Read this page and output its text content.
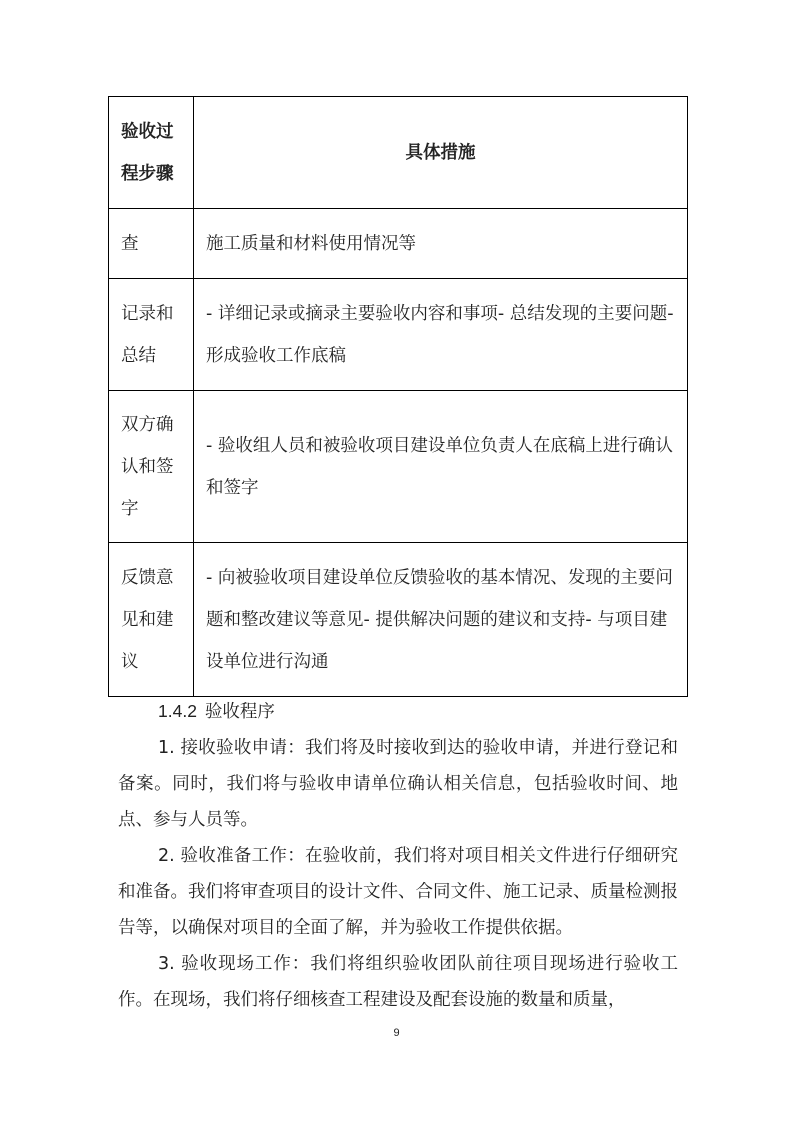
验收过程步骤	具体措施
查	施工质量和材料使用情况等
记录和总结	- 详细记录或摘录主要验收内容和事项- 总结发现的主要问题- 形成验收工作底稿
双方确认和签字	- 验收组人员和被验收项目建设单位负责人在底稿上进行确认和签字
反馈意见和建议	- 向被验收项目建设单位反馈验收的基本情况、发现的主要问题和整改建议等意见- 提供解决问题的建议和支持- 与项目建设单位进行沟通
1.4.2 验收程序
1. 接收验收申请：我们将及时接收到达的验收申请，并进行登记和备案。同时，我们将与验收申请单位确认相关信息，包括验收时间、地点、参与人员等。
2. 验收准备工作：在验收前，我们将对项目相关文件进行仔细研究和准备。我们将审查项目的设计文件、合同文件、施工记录、质量检测报告等，以确保对项目的全面了解，并为验收工作提供依据。
3. 验收现场工作：我们将组织验收团队前往项目现场进行验收工作。在现场，我们将仔细核查工程建设及配套设施的数量和质量，
9
